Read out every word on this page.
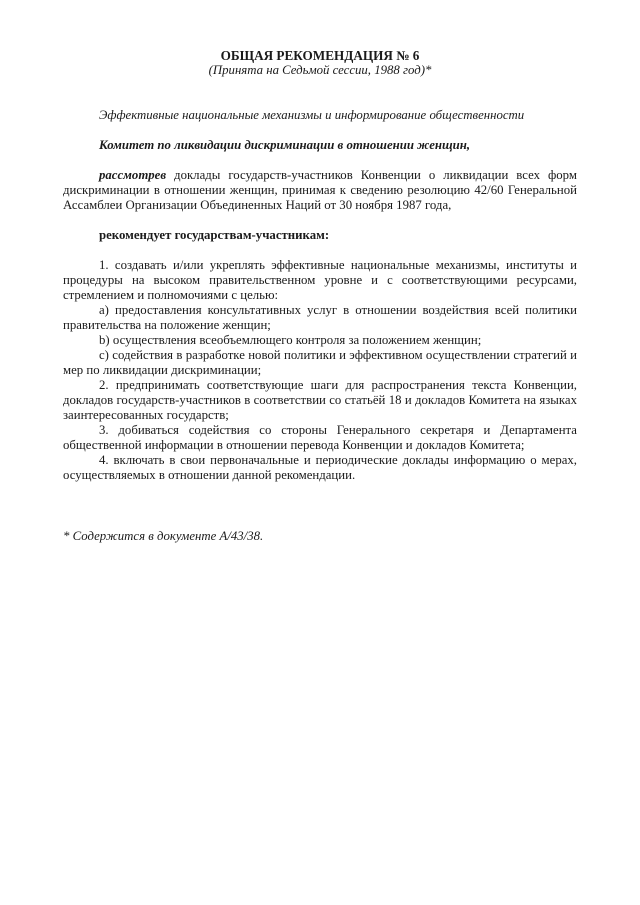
ОБЩАЯ РЕКОМЕНДАЦИЯ № 6

(Принята на Седьмой сессии, 1988 год)*

Эффективные национальные механизмы и информирование общественности

Комитет по ликвидации дискриминации в отношении женщин,

рассмотрев доклады государств-участников Конвенции о ликвидации всех форм дискриминации в отношении женщин, принимая к сведению резолюцию 42/60 Генеральной Ассамблеи Организации Объединенных Наций от 30 ноября 1987 года,

рекомендует государствам-участникам:

1. создавать и/или укреплять эффективные национальные механизмы, институты и процедуры на высоком правительственном уровне и с соответствующими ресурсами, стремлением и полномочиями с целью:

a) предоставления консультативных услуг в отношении воздействия всей политики правительства на положение женщин;

b) осуществления всеобъемлющего контроля за положением женщин;

c) содействия в разработке новой политики и эффективном осуществлении стратегий и мер по ликвидации дискриминации;

2. предпринимать соответствующие шаги для распространения текста Конвенции, докладов государств-участников в соответствии со статьёй 18 и докладов Комитета на языках заинтересованных государств;

3. добиваться содействия со стороны Генерального секретаря и Департамента общественной информации в отношении перевода Конвенции и докладов Комитета;

4. включать в свои первоначальные и периодические доклады информацию о мерах, осуществляемых в отношении данной рекомендации.

* Содержится в документе А/43/38.
